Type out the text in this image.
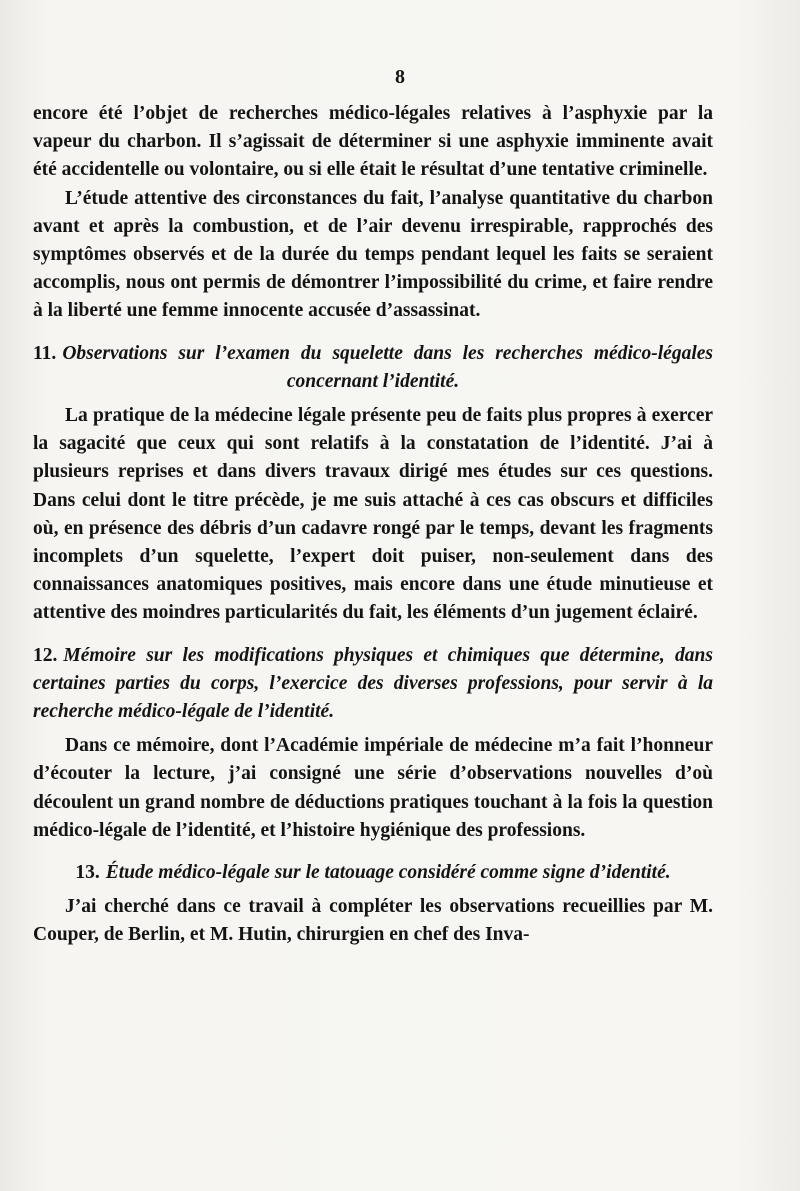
8

encore été l’objet de recherches médico-légales relatives à l’asphyxie par la vapeur du charbon. Il s’agissait de déterminer si une asphyxie imminente avait été accidentelle ou volontaire, ou si elle était le résultat d’une tentative criminelle.

L’étude attentive des circonstances du fait, l’analyse quantitative du charbon avant et après la combustion, et de l’air devenu irrespirable, rapprochés des symptômes observés et de la durée du temps pendant lequel les faits se seraient accomplis, nous ont permis de démontrer l’impossibilité du crime, et faire rendre à la liberté une femme innocente accusée d’assassinat.

11. Observations sur l’examen du squelette dans les recherches médico-légales concernant l’identité.

La pratique de la médecine légale présente peu de faits plus propres à exercer la sagacité que ceux qui sont relatifs à la constatation de l’identité. J’ai à plusieurs reprises et dans divers travaux dirigé mes études sur ces questions. Dans celui dont le titre précède, je me suis attaché à ces cas obscurs et difficiles où, en présence des débris d’un cadavre rongé par le temps, devant les fragments incomplets d’un squelette, l’expert doit puiser, non-seulement dans des connaissances anatomiques positives, mais encore dans une étude minutieuse et attentive des moindres particularités du fait, les éléments d’un jugement éclairé.

12. Mémoire sur les modifications physiques et chimiques que détermine, dans certaines parties du corps, l’exercice des diverses professions, pour servir à la recherche médico-légale de l’identité.

Dans ce mémoire, dont l’Académie impériale de médecine m’a fait l’honneur d’écouter la lecture, j’ai consigné une série d’observations nouvelles d’où découlent un grand nombre de déductions pratiques touchant à la fois la question médico-légale de l’identité, et l’histoire hygiénique des professions.

13. Étude médico-légale sur le tatouage considéré comme signe d’identité.

J’ai cherché dans ce travail à compléter les observations recueillies par M. Couper, de Berlin, et M. Hutin, chirurgien en chef des Inva-
